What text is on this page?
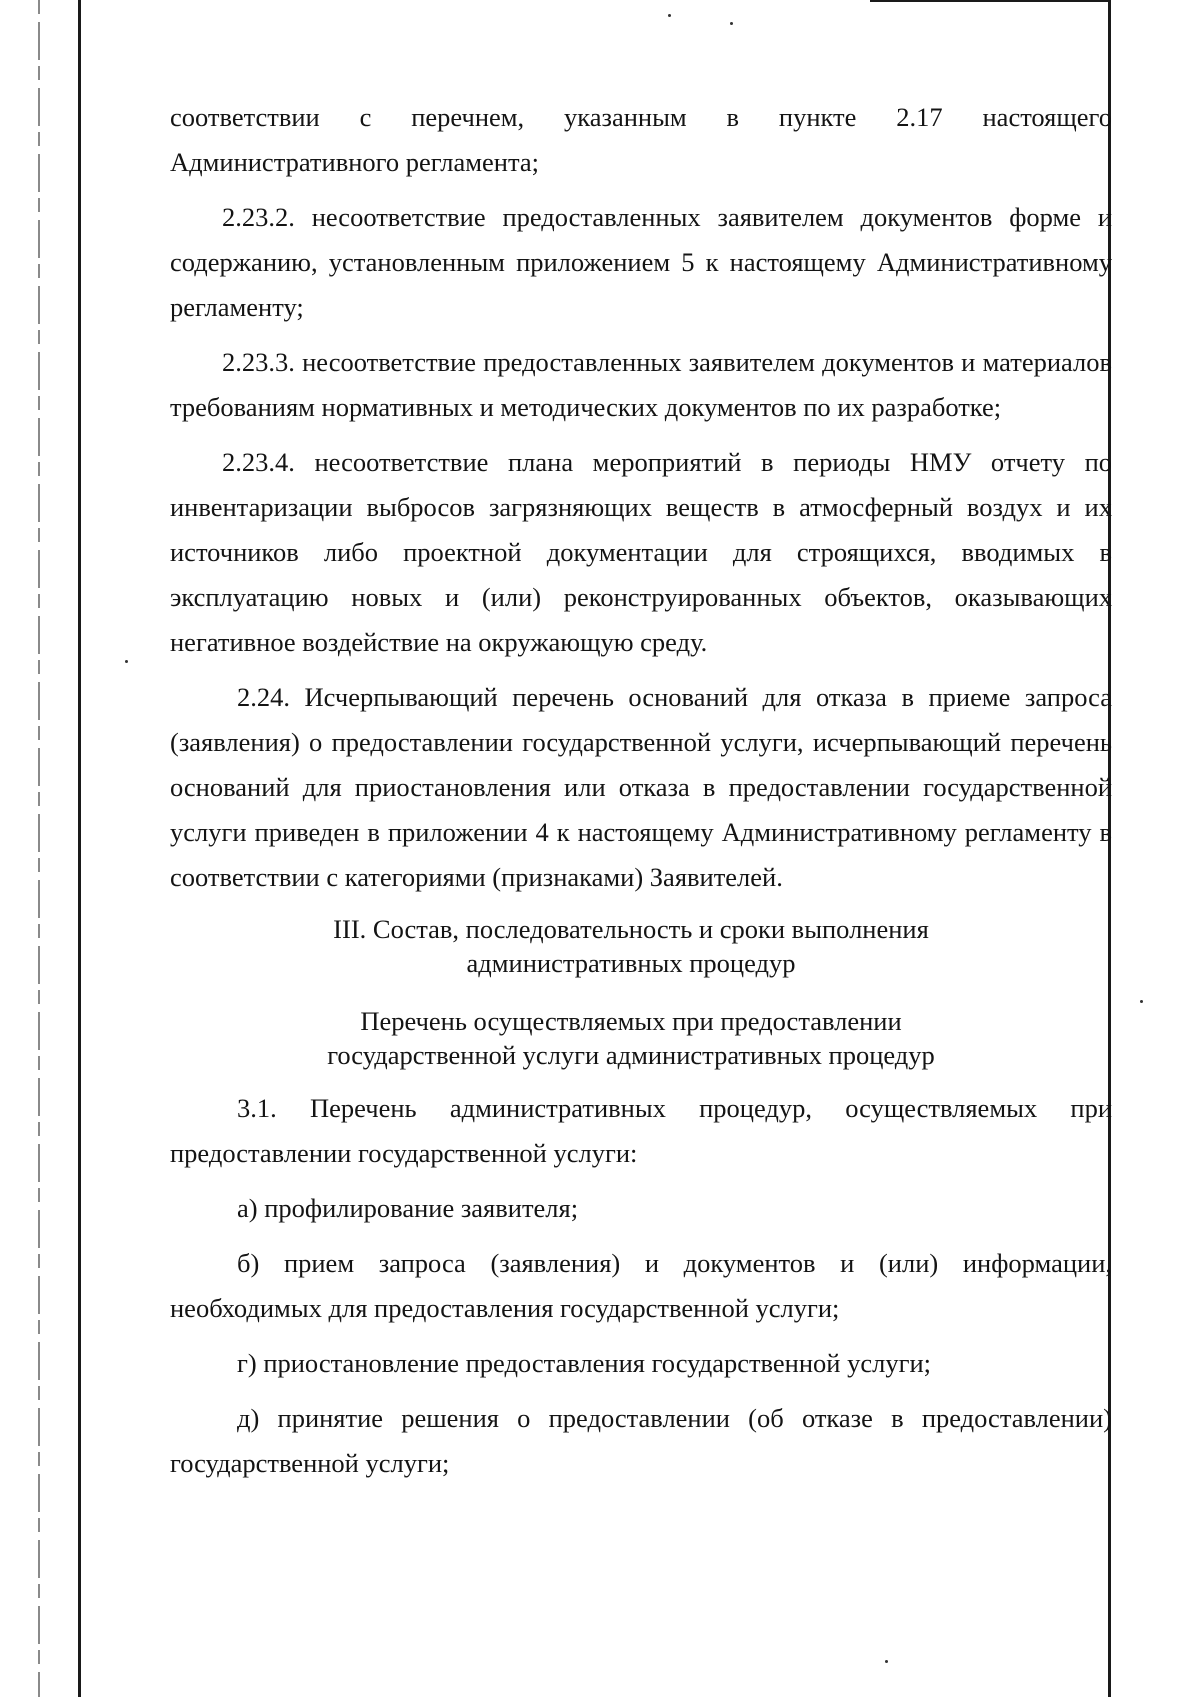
соответствии с перечнем, указанным в пункте 2.17 настоящего Административного регламента;

2.23.2. несоответствие предоставленных заявителем документов форме и содержанию, установленным приложением 5 к настоящему Административному регламенту;

2.23.3. несоответствие предоставленных заявителем документов и материалов требованиям нормативных и методических документов по их разработке;

2.23.4. несоответствие плана мероприятий в периоды НМУ отчету по инвентаризации выбросов загрязняющих веществ в атмосферный воздух и их источников либо проектной документации для строящихся, вводимых в эксплуатацию новых и (или) реконструированных объектов, оказывающих негативное воздействие на окружающую среду.

2.24. Исчерпывающий перечень оснований для отказа в приеме запроса (заявления) о предоставлении государственной услуги, исчерпывающий перечень оснований для приостановления или отказа в предоставлении государственной услуги приведен в приложении 4 к настоящему Административному регламенту в соответствии с категориями (признаками) Заявителей.

III. Состав, последовательность и сроки выполнения

административных процедур

Перечень осуществляемых при предоставлении

государственной услуги административных процедур

3.1. Перечень административных процедур, осуществляемых при предоставлении государственной услуги:

а) профилирование заявителя;

б) прием запроса (заявления) и документов и (или) информации, необходимых для предоставления государственной услуги;

г) приостановление предоставления государственной услуги;

д) принятие решения о предоставлении (об отказе в предоставлении) государственной услуги;
